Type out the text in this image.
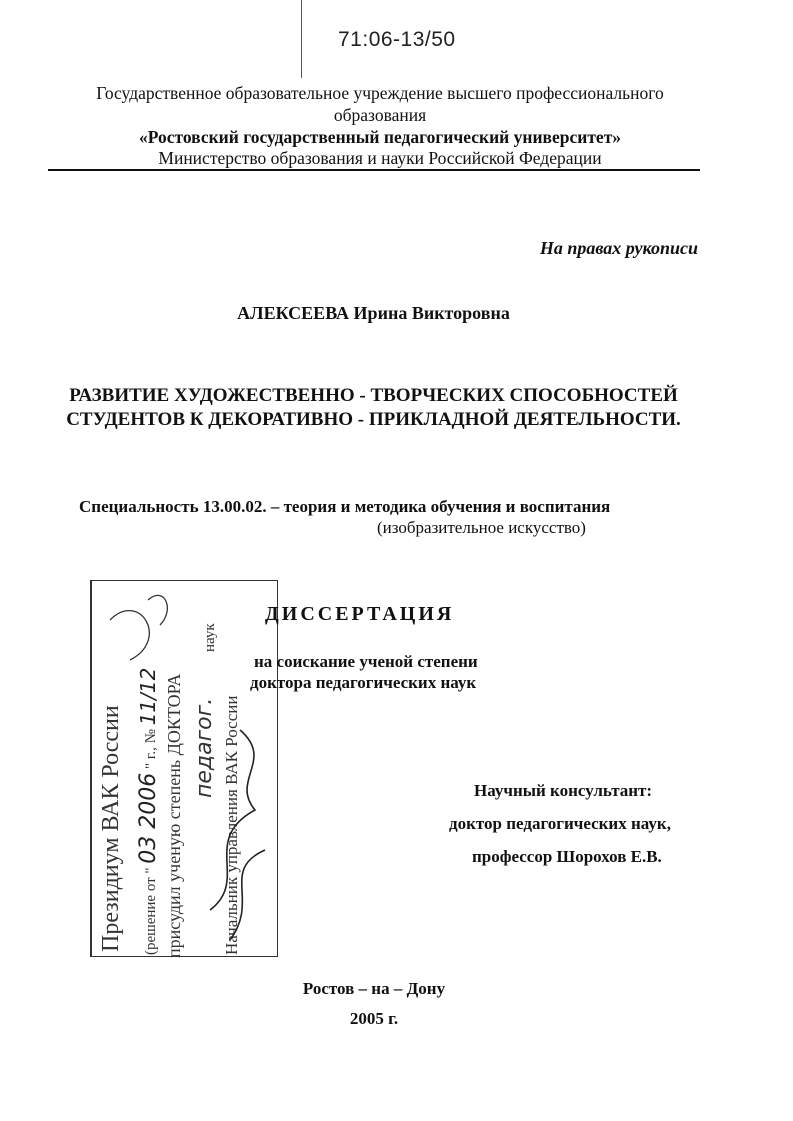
71:06-13/50
Государственное образовательное учреждение высшего профессионального
образования
«Ростовский государственный педагогический университет»
Министерство образования и науки Российской Федерации
На правах рукописи
АЛЕКСЕЕВА Ирина Викторовна
РАЗВИТИЕ ХУДОЖЕСТВЕННО - ТВОРЧЕСКИХ СПОСОБНОСТЕЙ
СТУДЕНТОВ К ДЕКОРАТИВНО - ПРИКЛАДНОЙ ДЕЯТЕЛЬНОСТИ.
Специальность 13.00.02. – теория и методика обучения и воспитания
(изобразительное искусство)
Президиум ВАК России	(решение от " 03 2006 " г., № 11/12 присудил ученую степень ДОКТОРА педагог.
наук
Начальник управления ВАК России
ДИССЕРТАЦИЯ
на соискание ученой степени
доктора педагогических наук
Научный консультант:
доктор педагогических наук,
профессор Шорохов Е.В.
Ростов – на – Дону
2005 г.
